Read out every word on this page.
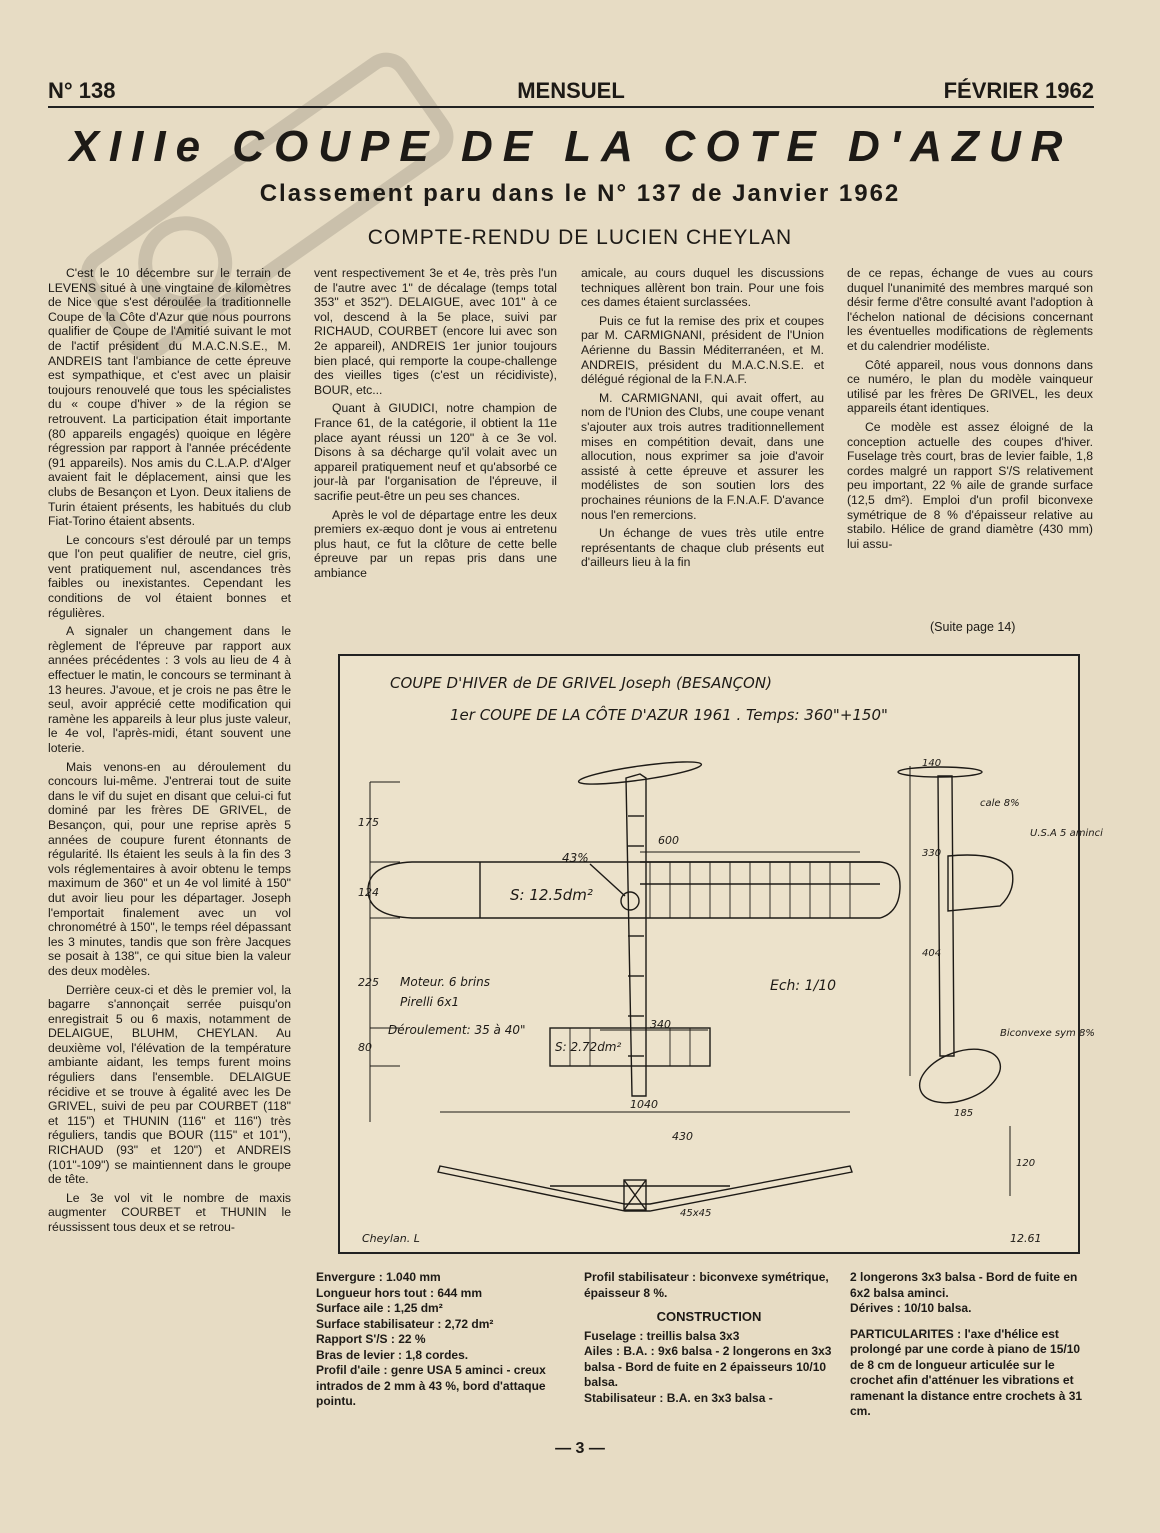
N° 138	MENSUEL	FÉVRIER 1962
XIIIe COUPE DE LA COTE D'AZUR
Classement paru dans le N° 137 de Janvier 1962
COMPTE-RENDU DE LUCIEN CHEYLAN

C'est le 10 décembre sur le terrain de LEVENS situé à une vingtaine de kilomètres de Nice que s'est déroulée la traditionnelle Coupe de la Côte d'Azur que nous pourrons qualifier de Coupe de l'Amitié suivant le mot de l'actif président du M.A.C.N.S.E., M. ANDREIS tant l'ambiance de cette épreuve est sympathique, et c'est avec un plaisir toujours renouvelé que tous les spécialistes du « coupe d'hiver » de la région se retrouvent. La participation était importante (80 appareils engagés) quoique en légère régression par rapport à l'année précédente (91 appareils). Nos amis du C.L.A.P. d'Alger avaient fait le déplacement, ainsi que les clubs de Besançon et Lyon. Deux italiens de Turin étaient présents, les habitués du club Fiat-Torino étaient absents.

Le concours s'est déroulé par un temps que l'on peut qualifier de neutre, ciel gris, vent pratiquement nul, ascendances très faibles ou inexistantes. Cependant les conditions de vol étaient bonnes et régulières.

A signaler un changement dans le règlement de l'épreuve par rapport aux années précédentes : 3 vols au lieu de 4 à effectuer le matin, le concours se terminant à 13 heures. J'avoue, et je crois ne pas être le seul, avoir apprécié cette modification qui ramène les appareils à leur plus juste valeur, le 4e vol, l'après-midi, étant souvent une loterie.

Mais venons-en au déroulement du concours lui-même. J'entrerai tout de suite dans le vif du sujet en disant que celui-ci fut dominé par les frères DE GRIVEL, de Besançon, qui, pour une reprise après 5 années de coupure furent étonnants de régularité. Ils étaient les seuls à la fin des 3 vols réglementaires à avoir obtenu le temps maximum de 360" et un 4e vol limité à 150" dut avoir lieu pour les départager. Joseph l'emportait finalement avec un vol chronométré à 150", le temps réel dépassant les 3 minutes, tandis que son frère Jacques se posait à 138", ce qui situe bien la valeur des deux modèles.

Derrière ceux-ci et dès le premier vol, la bagarre s'annonçait serrée puisqu'on enregistrait 5 ou 6 maxis, notamment de DELAIGUE, BLUHM, CHEYLAN. Au deuxième vol, l'élévation de la température ambiante aidant, les temps furent moins réguliers dans l'ensemble. DELAIGUE récidive et se trouve à égalité avec les De GRIVEL, suivi de peu par COURBET (118" et 115") et THUNIN (116" et 116") très réguliers, tandis que BOUR (115" et 101"), RICHAUD (93" et 120") et ANDREIS (101"-109") se maintiennent dans le groupe de tête.

Le 3e vol vit le nombre de maxis augmenter COURBET et THUNIN le réussissent tous deux et se retrou-

vent respectivement 3e et 4e, très près l'un de l'autre avec 1" de décalage (temps total 353" et 352"). DELAIGUE, avec 101" à ce vol, descend à la 5e place, suivi par RICHAUD, COURBET (encore lui avec son 2e appareil), ANDREIS 1er junior toujours bien placé, qui remporte la coupe-challenge des vieilles tiges (c'est un récidiviste), BOUR, etc...

Quant à GIUDICI, notre champion de France 61, de la catégorie, il obtient la 11e place ayant réussi un 120" à ce 3e vol. Disons à sa décharge qu'il volait avec un appareil pratiquement neuf et qu'absorbé ce jour-là par l'organisation de l'épreuve, il sacrifie peut-être un peu ses chances.

Après le vol de départage entre les deux premiers ex-æquo dont je vous ai entretenu plus haut, ce fut la clôture de cette belle épreuve par un repas pris dans une ambiance

amicale, au cours duquel les discussions techniques allèrent bon train. Pour une fois ces dames étaient surclassées.

Puis ce fut la remise des prix et coupes par M. CARMIGNANI, président de l'Union Aérienne du Bassin Méditerranéen, et M. ANDREIS, président du M.A.C.N.S.E. et délégué régional de la F.N.A.F.

M. CARMIGNANI, qui avait offert, au nom de l'Union des Clubs, une coupe venant s'ajouter aux trois autres traditionnellement mises en compétition devait, dans une allocution, nous exprimer sa joie d'avoir assisté à cette épreuve et assurer les modélistes de son soutien lors des prochaines réunions de la F.N.A.F. D'avance nous l'en remercions.

Un échange de vues très utile entre représentants de chaque club présents eut d'ailleurs lieu à la fin

de ce repas, échange de vues au cours duquel l'unanimité des membres marqué son désir ferme d'être consulté avant l'adoption à l'échelon national de décisions concernant les éventuelles modifications de règlements et du calendrier modéliste.

Côté appareil, nous vous donnons dans ce numéro, le plan du modèle vainqueur utilisé par les frères De GRIVEL, les deux appareils étant identiques.

Ce modèle est assez éloigné de la conception actuelle des coupes d'hiver. Fuselage très court, bras de levier faible, 1,8 cordes malgré un rapport S'/S relativement peu important, 22 % aile de grande surface (12,5 dm²). Emploi d'un profil biconvexe symétrique de 8 % d'épaisseur relative au stabilo. Hélice de grand diamètre (430 mm) lui assu-

(Suite page 14)
COUPE D'HIVER de DE GRIVEL Joseph (BESANÇON)
1er COUPE DE LA CÔTE D'AZUR 1961 . Temps: 360"+150"
S: 12.5dm²
S: 2.72dm²
600
43%
175
124
225
80
340
1040
430
45x45
185
120
330
404
140
cale 8%
U.S.A 5 aminci
Biconvexe sym 8%
Moteur. 6 brins
Pirelli 6x1
Déroulement: 35 à 40"
Ech: 1/10
Cheylan. L	12.61
Envergure : 1.040 mm
Longueur hors tout : 644 mm
Surface aile : 1,25 dm²
Surface stabilisateur : 2,72 dm²
Rapport S'/S : 22 %
Bras de levier : 1,8 cordes.
Profil d'aile : genre USA 5 aminci - creux intrados de 2 mm à 43 %, bord d'attaque pointu.
Profil stabilisateur : biconvexe symétrique, épaisseur 8 %.
CONSTRUCTION
Fuselage : treillis balsa 3x3
Ailes : B.A. : 9x6 balsa - 2 longerons en 3x3 balsa - Bord de fuite en 2 épaisseurs 10/10 balsa.
Stabilisateur : B.A. en 3x3 balsa -
2 longerons 3x3 balsa - Bord de fuite en 6x2 balsa aminci.
Dérives : 10/10 balsa.
PARTICULARITES : l'axe d'hélice est prolongé par une corde à piano de 15/10 de 8 cm de longueur articulée sur le crochet afin d'atténuer les vibrations et ramenant la distance entre crochets à 31 cm.
— 3 —
